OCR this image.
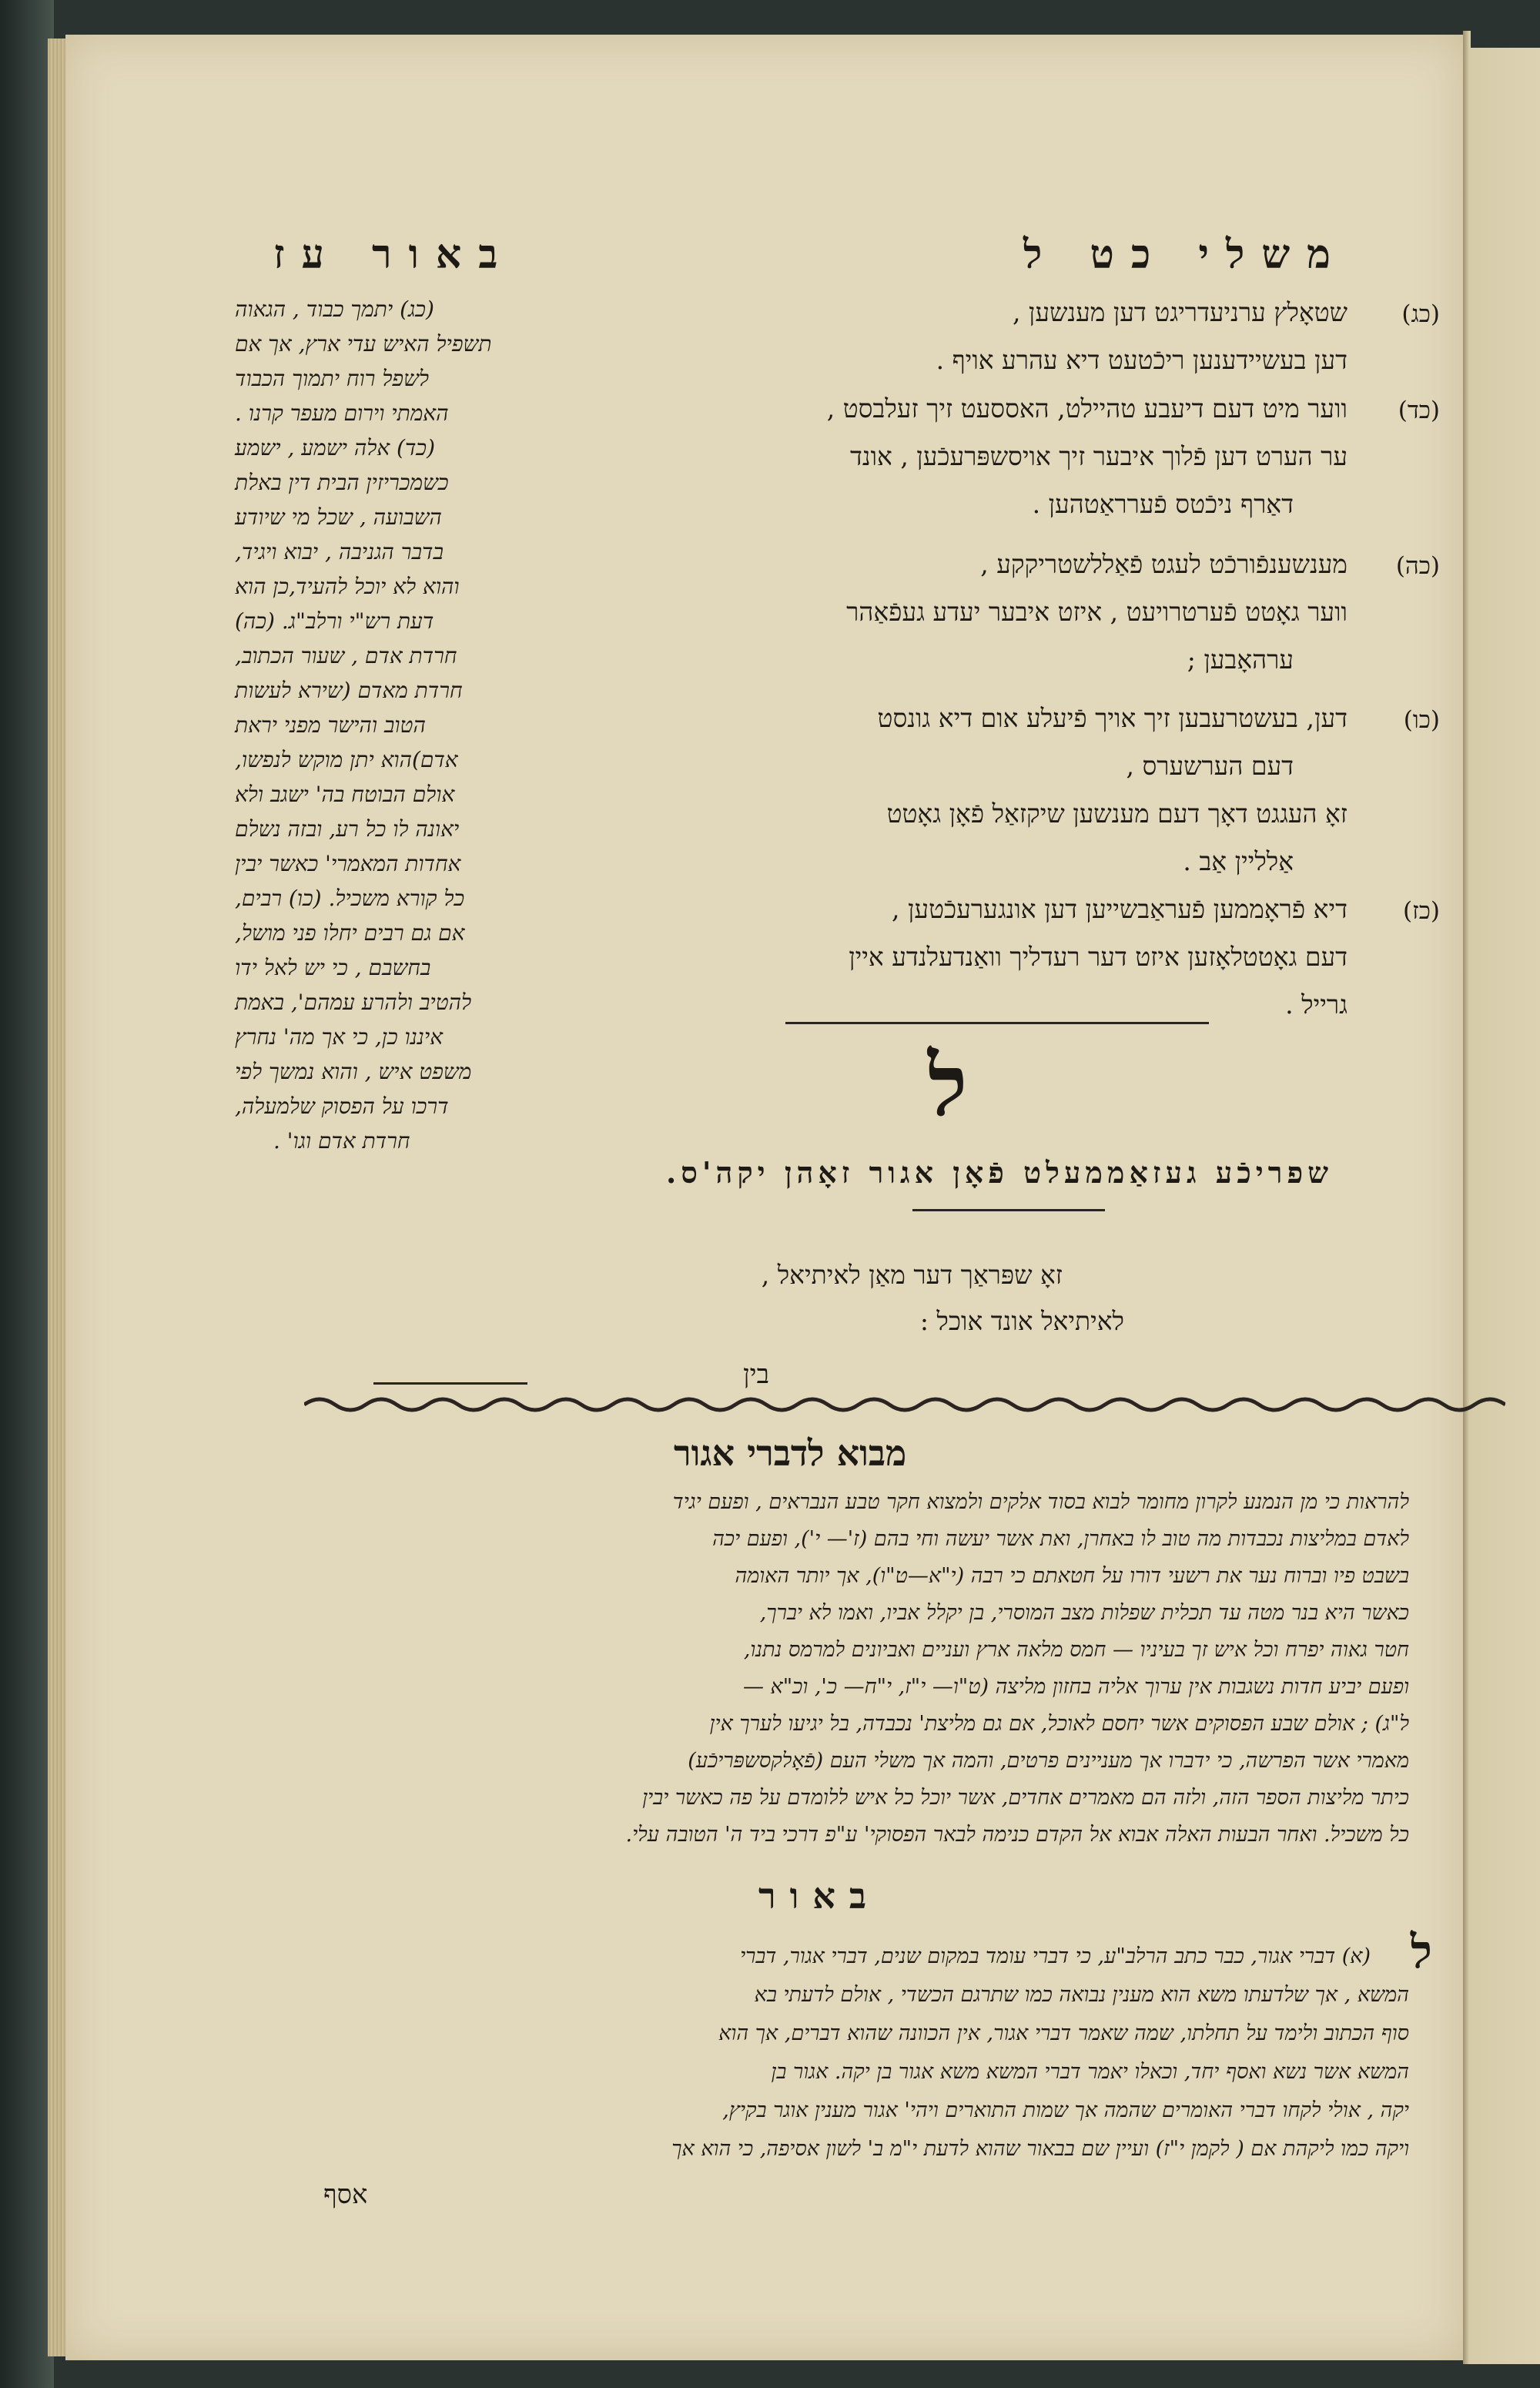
משלי כט ל
באור עז
(כג)
שטאָלץ ערניעדריגט דען מענשען ,
דען בעשיידענען ריכֿטעט דיא עהרע אויף .
(כד)
ווער מיט דעם דיעבע טהיילט, האססעט זיך זעלבסט ,
ער הערט דען פֿלוך איבער זיך אויסשפּרעכֿען , אונד
דאַרף ניכֿטס פֿערראַטהען .
(כה)
מענשענפֿורכֿט לעגט פֿאַללשטריקקע ,
ווער גאָטט פֿערטרויעט , איזט איבער יעדע געפֿאַהר
ערהאָבען ;
(כו)
דען, בעשטרעבען זיך אויך פֿיעלע אום דיא גונסט
דעם הערשערס ,
זאָ העגגט דאָך דעם מענשען שיקזאַל פֿאָן גאָטט
אַלליין אַב .
(כז)
דיא פֿראָממען פֿעראַבשייען דען אונגערעכֿטען ,
דעם גאָטטלאָזען איזט דער רעדליך וואַנדעלנדע איין
גרייל .
(כג) יתמך כבוד , הגאוה
תשפיל האיש עדי ארץ, אך אם
לשפל רוח יתמוך הכבוד
האמתי וירום מעפר קרנו .
(כד) אלה ישמע , ישמע
כשמכריזין הבית דין באלת
השבועה , שכל מי שיודע
בדבר הגניבה , יבוא ויגיד,
והוא לא יוכל להעיד,כן הוא
דעת רש"י ורלב"ג. (כה)
חרדת אדם , שעור הכתוב,
חרדת מאדם (שירא לעשות
הטוב והישר מפני יראת
אדם)הוא יתן מוקש לנפשו,
אולם הבוטח בה' ישגב ולא
יאונה לו כל רע, ובזה נשלם
אחדות המאמרי' כאשר יבין
כל קורא משכיל. (כו) רבים,
אם גם רבים יחלו פני מושל,
בחשבם , כי יש לאל ידו
להטיב ולהרע עמהם', באמת
איננו כן, כי אך מה' נחרץ
משפט איש , והוא נמשך לפי
דרכו על הפסוק שלמעלה,
חרדת אדם וגו' .
ל
שפריכֿע געזאַממעלט פֿאָן אגור זאָהן יקה'ס.
זאָ שפּראַך דער מאַן לאיתיאל ,
לאיתיאל אונד אוכל :
בין
מבוא לדברי אגור
להראות כי מן הנמנע לקרון מחומר לבוא בסוד אלקים ולמצוא חקר טבע הנבראים , ופעם יגיד
לאדם במליצות נכבדות מה טוב לו באחרן, ואת אשר יעשה וחי בהם (ז'— י'), ופעם יכה
בשבט פיו וברוח נער את רשעי דורו על חטאתם כי רבה (י"א—ט"ו), אך יותר האומה
כאשר היא בנר מטה עד תכלית שפלות מצב המוסרי, בן יקלל אביו, ואמו לא יברך,
חטר גאוה יפרח וכל איש זך בעיניו — חמס מלאה ארץ ועניים ואביונים למרמס נתנו,
ופעם יביע חדות נשגבות אין ערוך אליה בחזון מליצה (ט"ו— י"ז, י"ח— כ', וכ"א —
ל"ג) ; אולם שבע הפסוקים אשר יחסם לאוכל, אם גם מליצת' נכבדה, בל יגיעו לערך אין
מאמרי אשר הפרשה, כי ידברו אך מעניינים פרטים, והמה אך משלי העם (פֿאָלקסשפּריכֿע)
כיתר מליצות הספר הזה, ולזה הם מאמרים אחדים, אשר יוכל כל איש ללומדם על פה כאשר יבין
כל משכיל. ואחר הבעות האלה אבוא אל הקדם כנימה לבאר הפסוקי' ע"פ דרכי ביד ה' הטובה עלי.
באור
ל
(א) דברי אגור, כבר כתב הרלב"ע, כי דברי עומד במקום שנים, דברי אגור, דברי
המשא , אך שלדעתו משא הוא מענין נבואה כמו שתרגם הכשדי , אולם לדעתי בא
סוף הכתוב ולימד על תחלתו, שמה שאמר דברי אגור, אין הכוונה שהוא דברים, אך הוא
המשא אשר נשא ואסף יחד, וכאלו יאמר דברי המשא משא אגור בן יקה. אגור בן
יקה , אולי לקחו דברי האומרים שהמה אך שמות התוארים ויהי' אגור מענין אוגר בקיץ,
ויקה כמו ליקהת אם ( לקמן י"ז) ועיין שם בבאור שהוא לדעת י"מ ב' לשון אסיפה, כי הוא אך
אסף
